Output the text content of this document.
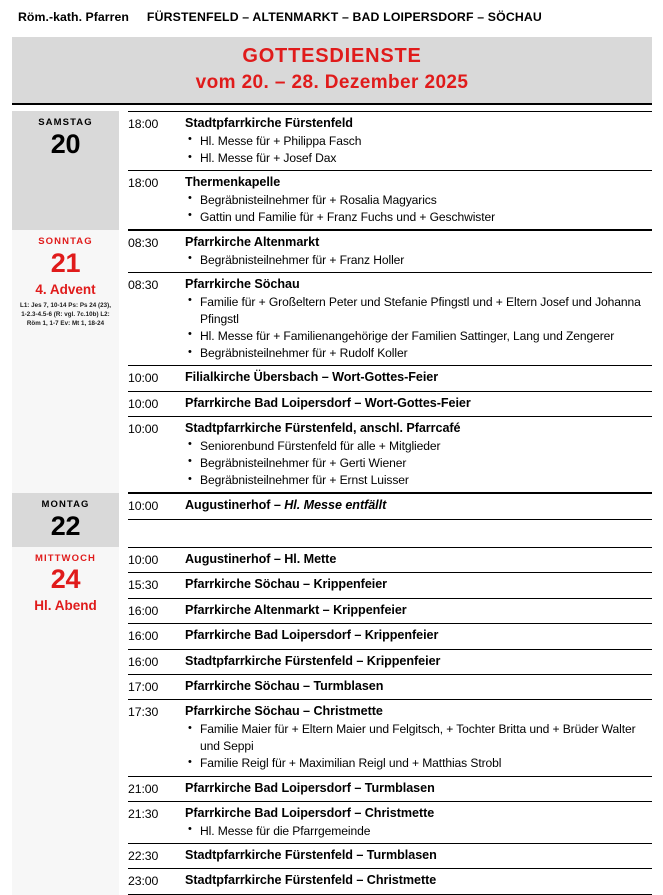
Röm.-kath. Pfarren FÜRSTENFELD – ALTENMARKT – BAD LOIPERSDORF – SÖCHAU
GOTTESDIENSTE
vom 20. – 28. Dezember 2025
SAMSTAG
20
18:00	Stadtpfarrkirche Fürstenfeld
• Hl. Messe für + Philippa Fasch
• Hl. Messe für + Josef Dax
18:00	Thermenkapelle
• Begräbnisteilnehmer für + Rosalia Magyarics
• Gattin und Familie für + Franz Fuchs und + Geschwister
SONNTAG
21
4. Advent
L1: Jes 7, 10-14 Ps: Ps 24 (23), 1-2.3-4.5-6 (R: vgl. 7c.10b) L2: Röm 1, 1-7 Ev: Mt 1, 18-24
08:30	Pfarrkirche Altenmarkt
• Begräbnisteilnehmer für + Franz Holler
08:30	Pfarrkirche Söchau
• Familie für + Großeltern Peter und Stefanie Pfingstl und + Eltern Josef und Johanna Pfingstl
• Hl. Messe für + Familienangehörige der Familien Sattinger, Lang und Zengerer
• Begräbnisteilnehmer für + Rudolf Koller
10:00	Filialkirche Übersbach – Wort-Gottes-Feier
10:00	Pfarrkirche Bad Loipersdorf – Wort-Gottes-Feier
10:00	Stadtpfarrkirche Fürstenfeld, anschl. Pfarrcafé
• Seniorenbund Fürstenfeld für alle + Mitglieder
• Begräbnisteilnehmer für + Gerti Wiener
• Begräbnisteilnehmer für + Ernst Luisser
MONTAG
22
10:00	Augustinerhof – Hl. Messe entfällt
MITTWOCH
24
Hl. Abend
10:00	Augustinerhof – Hl. Mette
15:30	Pfarrkirche Söchau – Krippenfeier
16:00	Pfarrkirche Altenmarkt – Krippenfeier
16:00	Pfarrkirche Bad Loipersdorf – Krippenfeier
16:00	Stadtpfarrkirche Fürstenfeld – Krippenfeier
17:00	Pfarrkirche Söchau – Turmblasen
17:30	Pfarrkirche Söchau – Christmette
• Familie Maier für + Eltern Maier und Felgitsch, + Tochter Britta und + Brüder Walter und Seppi
• Familie Reigl für + Maximilian Reigl und + Matthias Strobl
21:00	Pfarrkirche Bad Loipersdorf – Turmblasen
21:30	Pfarrkirche Bad Loipersdorf – Christmette
• Hl. Messe für die Pfarrgemeinde
22:30	Stadtpfarrkirche Fürstenfeld – Turmblasen
23:00	Stadtpfarrkirche Fürstenfeld – Christmette
